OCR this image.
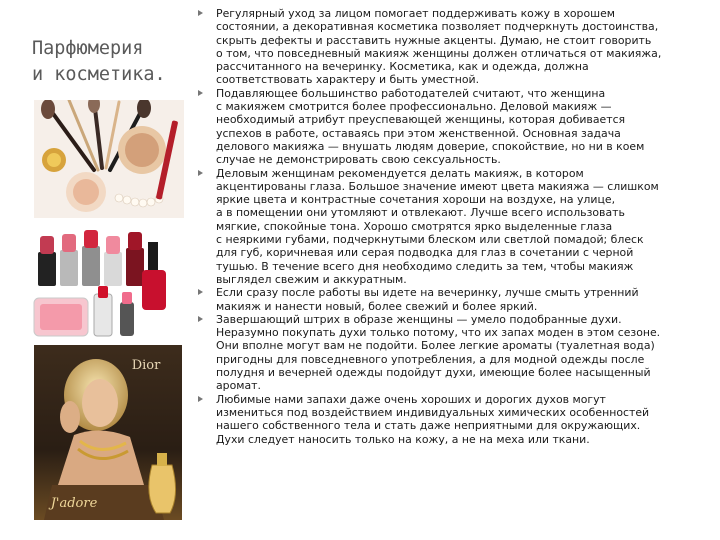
Парфюмерия
и косметика.
Dior
J'adore
Регулярный уход за лицом помогает поддерживать кожу в хорошем
состоянии, а декоративная косметика позволяет подчеркнуть достоинства,
скрыть дефекты и расставить нужные акценты. Думаю, не стоит говорить
о том, что повседневный макияж женщины должен отличаться от макияжа,
рассчитанного на вечеринку. Косметика, как и одежда, должна
соответствовать характеру и быть уместной.
Подавляющее большинство работодателей считают, что женщина
с макияжем смотрится более профессионально. Деловой макияж —
необходимый атрибут преуспевающей женщины, которая добивается
успехов в работе, оставаясь при этом женственной. Основная задача
делового макияжа — внушать людям доверие, спокойствие, но ни в коем
случае не демонстрировать свою сексуальность.
Деловым женщинам рекомендуется делать макияж, в котором
акцентированы глаза. Большое значение имеют цвета макияжа — слишком
яркие цвета и контрастные сочетания хороши на воздухе, на улице,
а в помещении они утомляют и отвлекают. Лучше всего использовать
мягкие, спокойные тона. Хорошо смотрятся ярко выделенные глаза
с неяркими губами, подчеркнутыми блеском или светлой помадой; блеск
для губ, коричневая или серая подводка для глаз в сочетании с черной
тушью. В течение всего дня необходимо следить за тем, чтобы макияж
выглядел свежим и аккуратным.
Если сразу после работы вы идете на вечеринку, лучше смыть утренний
макияж и нанести новый, более свежий и более яркий.
Завершающий штрих в образе женщины — умело подобранные духи.
Неразумно покупать духи только потому, что их запах моден в этом сезоне.
Они вполне могут вам не подойти. Более легкие ароматы (туалетная вода)
пригодны для повседневного употребления, а для модной одежды после
полудня и вечерней одежды подойдут духи, имеющие более насыщенный
аромат.
Любимые нами запахи даже очень хороших и дорогих духов могут
измениться под воздействием индивидуальных химических особенностей
нашего собственного тела и стать даже неприятными для окружающих.
Духи следует наносить только на кожу, а не на меха или ткани.
